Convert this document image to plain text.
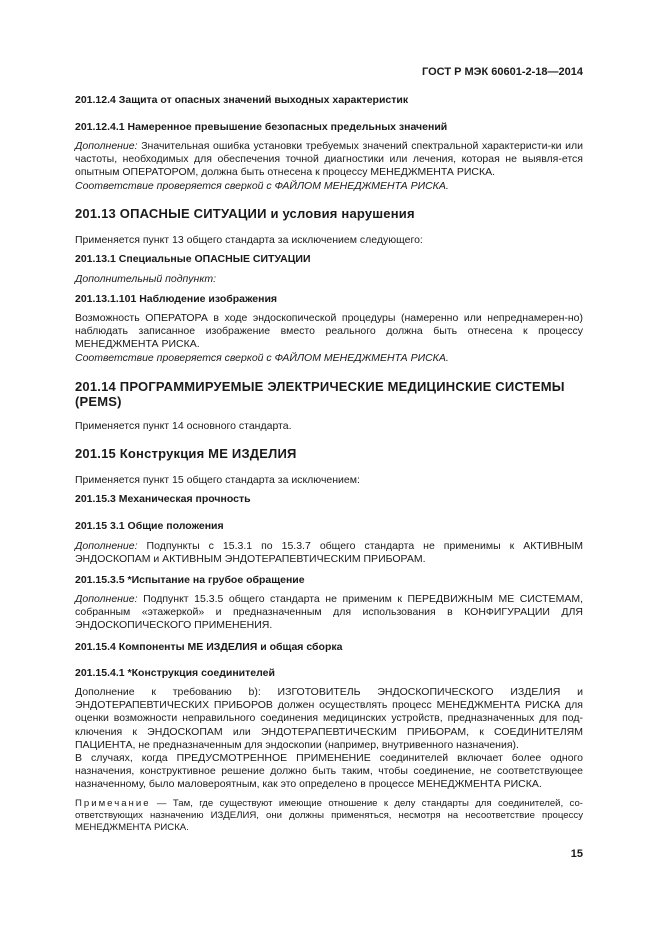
ГОСТ Р МЭК 60601-2-18—2014
201.12.4 Защита от опасных значений выходных характеристик
201.12.4.1 Намеренное превышение безопасных предельных значений
Дополнение: Значительная ошибка установки требуемых значений спектральной характеристи-ки или частоты, необходимых для обеспечения точной диагностики или лечения, которая не выявля-ется опытным ОПЕРАТОРОМ, должна быть отнесена к процессу МЕНЕДЖМЕНТА РИСКА.
Соответствие проверяется сверкой с ФАЙЛОМ МЕНЕДЖМЕНТА РИСКА.
201.13 ОПАСНЫЕ СИТУАЦИИ и условия нарушения
Применяется пункт 13 общего стандарта за исключением следующего:
201.13.1 Специальные ОПАСНЫЕ СИТУАЦИИ
Дополнительный подпункт:
201.13.1.101 Наблюдение изображения
Возможность ОПЕРАТОРА в ходе эндоскопической процедуры (намеренно или непреднамерен-но) наблюдать записанное изображение вместо реального должна быть отнесена к процессу МЕНЕДЖМЕНТА РИСКА.
Соответствие проверяется сверкой с ФАЙЛОМ МЕНЕДЖМЕНТА РИСКА.
201.14 ПРОГРАММИРУЕМЫЕ ЭЛЕКТРИЧЕСКИЕ МЕДИЦИНСКИЕ СИСТЕМЫ (PEMS)
Применяется пункт 14 основного стандарта.
201.15 Конструкция МЕ ИЗДЕЛИЯ
Применяется пункт 15 общего стандарта за исключением:
201.15.3 Механическая прочность
201.15 3.1 Общие положения
Дополнение: Подпункты с 15.3.1 по 15.3.7 общего стандарта не применимы к АКТИВНЫМ ЭНДОСКОПАМ и АКТИВНЫМ ЭНДОТЕРАПЕВТИЧЕСКИМ ПРИБОРАМ.
201.15.3.5 *Испытание на грубое обращение
Дополнение: Подпункт 15.3.5 общего стандарта не применим к ПЕРЕДВИЖНЫМ МЕ СИСТЕМАМ, собранным «этажеркой» и предназначенным для использования в КОНФИГУРАЦИИ ДЛЯ ЭНДОСКОПИЧЕСКОГО ПРИМЕНЕНИЯ.
201.15.4 Компоненты МЕ ИЗДЕЛИЯ и общая сборка
201.15.4.1 *Конструкция соединителей
Дополнение к требованию b): ИЗГОТОВИТЕЛЬ ЭНДОСКОПИЧЕСКОГО ИЗДЕЛИЯ и ЭНДОТЕРАПЕВТИЧЕСКИХ ПРИБОРОВ должен осуществлять процесс МЕНЕДЖМЕНТА РИСКА для оценки возможности неправильного соединения медицинских устройств, предназначенных для под-ключения к ЭНДОСКОПАМ или ЭНДОТЕРАПЕВТИЧЕСКИМ ПРИБОРАМ, к СОЕДИНИТЕЛЯМ ПАЦИЕНТА, не предназначенным для эндоскопии (например, внутривенного назначения).
В случаях, когда ПРЕДУСМОТРЕННОЕ ПРИМЕНЕНИЕ соединителей включает более одного назначения, конструктивное решение должно быть таким, чтобы соединение, не соответствующее назначенному, было маловероятным, как это определено в процессе МЕНЕДЖМЕНТА РИСКА.
Примечание — Там, где существуют имеющие отношение к делу стандарты для соединителей, со-ответствующих назначению ИЗДЕЛИЯ, они должны применяться, несмотря на несоответствие процессу МЕНЕДЖМЕНТА РИСКА.
15
